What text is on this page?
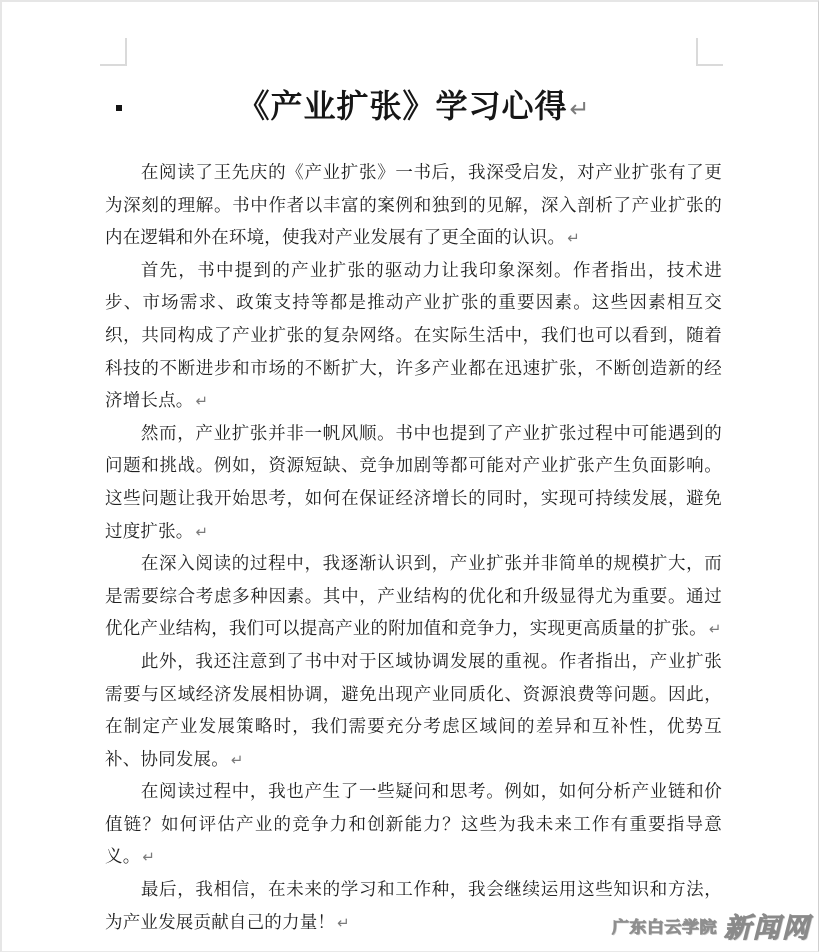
《产业扩张》学习心得↵

在阅读了王先庆的《产业扩张》一书后，我深受启发，对产业扩张有了更为深刻的理解。书中作者以丰富的案例和独到的见解，深入剖析了产业扩张的内在逻辑和外在环境，使我对产业发展有了更全面的认识。 ↵

首先，书中提到的产业扩张的驱动力让我印象深刻。作者指出，技术进步、市场需求、政策支持等都是推动产业扩张的重要因素。这些因素相互交织，共同构成了产业扩张的复杂网络。在实际生活中，我们也可以看到，随着科技的不断进步和市场的不断扩大，许多产业都在迅速扩张，不断创造新的经济增长点。 ↵

然而，产业扩张并非一帆风顺。书中也提到了产业扩张过程中可能遇到的问题和挑战。例如，资源短缺、竞争加剧等都可能对产业扩张产生负面影响。这些问题让我开始思考，如何在保证经济增长的同时，实现可持续发展，避免过度扩张。 ↵

在深入阅读的过程中，我逐渐认识到，产业扩张并非简单的规模扩大，而是需要综合考虑多种因素。其中，产业结构的优化和升级显得尤为重要。通过优化产业结构，我们可以提高产业的附加值和竞争力，实现更高质量的扩张。 ↵

此外，我还注意到了书中对于区域协调发展的重视。作者指出，产业扩张需要与区域经济发展相协调，避免出现产业同质化、资源浪费等问题。因此，在制定产业发展策略时，我们需要充分考虑区域间的差异和互补性，优势互补、协同发展。 ↵

在阅读过程中，我也产生了一些疑问和思考。例如，如何分析产业链和价值链？如何评估产业的竞争力和创新能力？这些为我未来工作有重要指导意义。 ↵

最后，我相信，在未来的学习和工作种，我会继续运用这些知识和方法，为产业发展贡献自己的力量！ ↵	广东白云学院 新闻网
